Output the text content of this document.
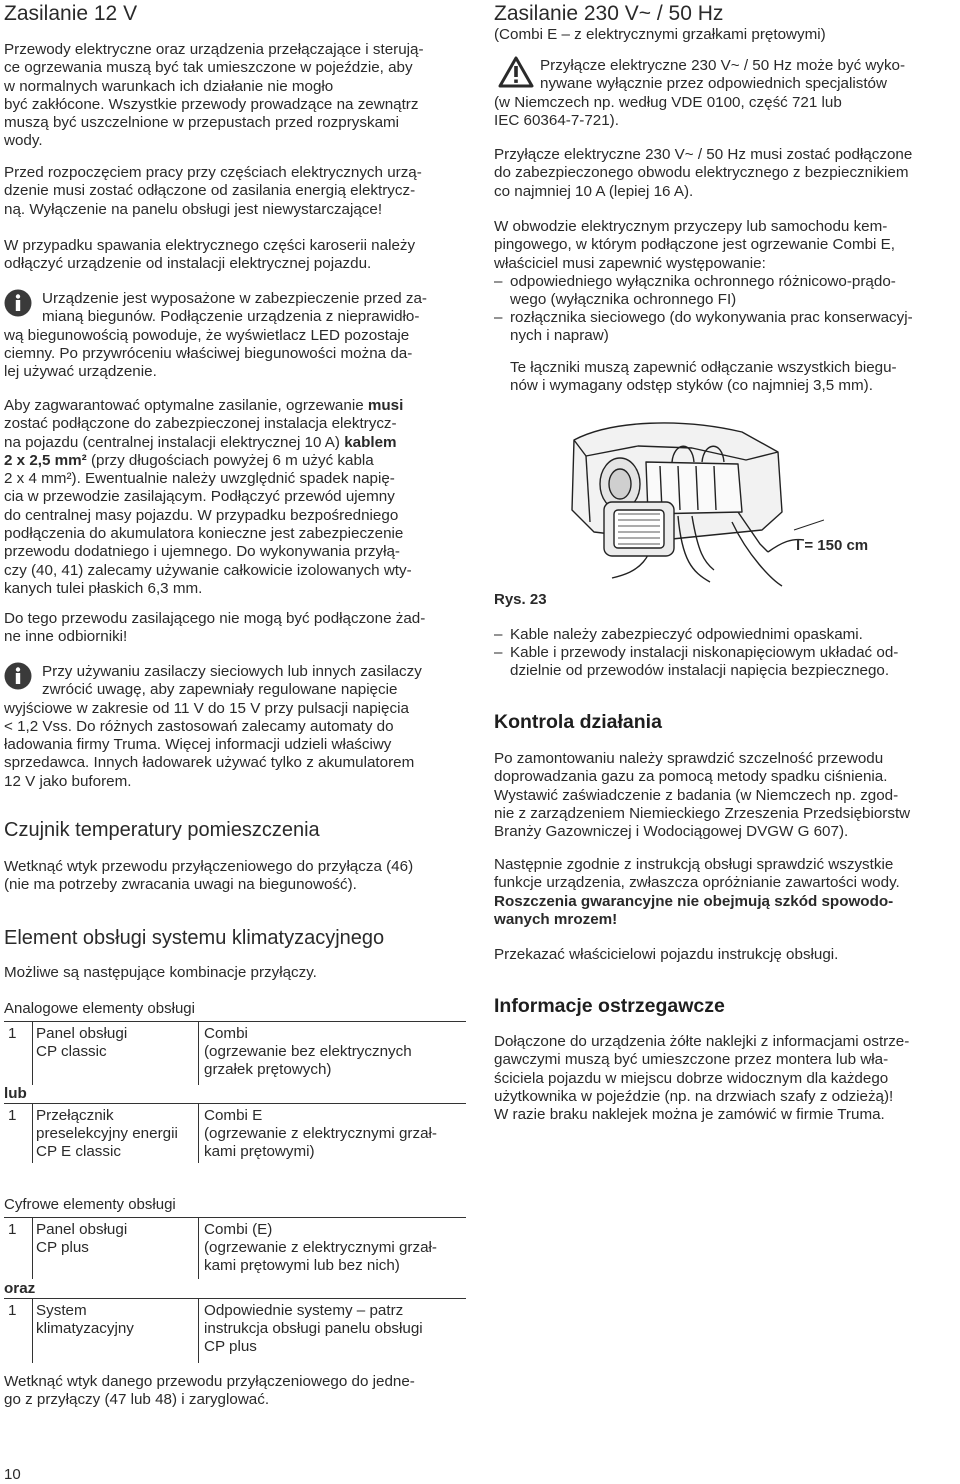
Zasilanie 12 V

Przewody elektryczne oraz urządzenia przełączające i sterują-

ce ogrzewania muszą być tak umieszczone w pojeździe, aby

w normalnych warunkach ich działanie nie mogło

być zakłócone. Wszystkie przewody prowadzące na zewnątrz

muszą być uszczelnione w przepustach przed rozpryskami

wody.

Przed rozpoczęciem pracy przy częściach elektrycznych urzą-

dzenie musi zostać odłączone od zasilania energią elektrycz-

ną. Wyłączenie na panelu obsługi jest niewystarczające!

W przypadku spawania elektrycznego części karoserii należy

odłączyć urządzenie od instalacji elektrycznej pojazdu.

Urządzenie jest wyposażone w zabezpieczenie przed za-

mianą biegunów. Podłączenie urządzenia z nieprawidło-

wą biegunowością powoduje, że wyświetlacz LED pozostaje

ciemny. Po przywróceniu właściwej biegunowości można da-

lej używać urządzenie.

Aby zagwarantować optymalne zasilanie, ogrzewanie musi

zostać podłączone do zabezpieczonej instalacja elektrycz-

na pojazdu (centralnej instalacji elektrycznej 10 A) kablem

2 x 2,5 mm² (przy długościach powyżej 6 m użyć kabla

2 x 4 mm²). Ewentualnie należy uwzględnić spadek napię-

cia w przewodzie zasilającym. Podłączyć przewód ujemny

do centralnej masy pojazdu. W przypadku bezpośredniego

podłączenia do akumulatora konieczne jest zabezpieczenie

przewodu dodatniego i ujemnego. Do wykonywania przyłą-

czy (40, 41) zalecamy używanie całkowicie izolowanych wty-

kanych tulei płaskich 6,3 mm.

Do tego przewodu zasilającego nie mogą być podłączone żad-

ne inne odbiorniki!

Przy używaniu zasilaczy sieciowych lub innych zasilaczy

zwrócić uwagę, aby zapewniały regulowane napięcie

wyjściowe w zakresie od 11 V do 15 V przy pulsacji napięcia

< 1,2 Vss. Do różnych zastosowań zalecamy automaty do

ładowania firmy Truma. Więcej informacji udzieli właściwy

sprzedawca. Innych ładowarek używać tylko z akumulatorem

12 V jako buforem.

Czujnik temperatury pomieszczenia

Wetknąć wtyk przewodu przyłączeniowego do przyłącza (46)

(nie ma potrzeby zwracania uwagi na biegunowość).

Element obsługi systemu klimatyzacyjnego

Możliwe są następujące kombinacje przyłączy.

Analogowe elementy obsługi

1 Panel obsługi
CP classic
Combi
(ogrzewanie bez elektrycznych
grzałek prętowych)
lub
1 Przełącznik
preselekcyjny energii
CP E classic
Combi E
(ogrzewanie z elektrycznymi grzał-
kami prętowymi)

Cyfrowe elementy obsługi

1 Panel obsługi
CP plus
Combi (E)
(ogrzewanie z elektrycznymi grzał-
kami prętowymi lub bez nich)
oraz
1 System
klimatyzacyjny
Odpowiednie systemy – patrz
instrukcja obsługi panelu obsługi
CP plus

Wetknąć wtyk danego przewodu przyłączeniowego do jedne-

go z przyłączy (47 lub 48) i zaryglować.

10
Zasilanie 230 V~ / 50 Hz

(Combi E – z elektrycznymi grzałkami prętowymi)

Przyłącze elektryczne 230 V~ / 50 Hz może być wyko-

nywane wyłącznie przez odpowiednich specjalistów

(w Niemczech np. według VDE 0100, część 721 lub

IEC 60364-7-721).

Przyłącze elektryczne 230 V~ / 50 Hz musi zostać podłączone

do zabezpieczonego obwodu elektrycznego z bezpiecznikiem

co najmniej 10 A (lepiej 16 A).

W obwodzie elektrycznym przyczepy lub samochodu kem-

pingowego, w którym podłączone jest ogrzewanie Combi E,

właściciel musi zapewnić występowanie:

– odpowiedniego wyłącznika ochronnego różnicowo-prądo-

wego (wyłącznika ochronnego FI)

– rozłącznika sieciowego (do wykonywania prac konserwacyj-

nych i napraw)

Te łączniki muszą zapewnić odłączanie wszystkich biegu-

nów i wymagany odstęp styków (co najmniej 3,5 mm).

l = 150 cm

Rys. 23

– Kable należy zabezpieczyć odpowiednimi opaskami.

– Kable i przewody instalacji niskonapięciowym układać od-

dzielnie od przewodów instalacji napięcia bezpiecznego.

Kontrola działania

Po zamontowaniu należy sprawdzić szczelność przewodu

doprowadzania gazu za pomocą metody spadku ciśnienia.

Wystawić zaświadczenie z badania (w Niemczech np. zgod-

nie z zarządzeniem Niemieckiego Zrzeszenia Przedsiębiorstw

Branży Gazowniczej i Wodociągowej DVGW G 607).

Następnie zgodnie z instrukcją obsługi sprawdzić wszystkie

funkcje urządzenia, zwłaszcza opróżnianie zawartości wody.

Roszczenia gwarancyjne nie obejmują szkód spowodo-

wanych mrozem!

Przekazać właścicielowi pojazdu instrukcję obsługi.

Informacje ostrzegawcze

Dołączone do urządzenia żółte naklejki z informacjami ostrze-

gawczymi muszą być umieszczone przez montera lub wła-

ściciela pojazdu w miejscu dobrze widocznym dla każdego

użytkownika w pojeździe (np. na drzwiach szafy z odzieżą)!

W razie braku naklejek można je zamówić w firmie Truma.
